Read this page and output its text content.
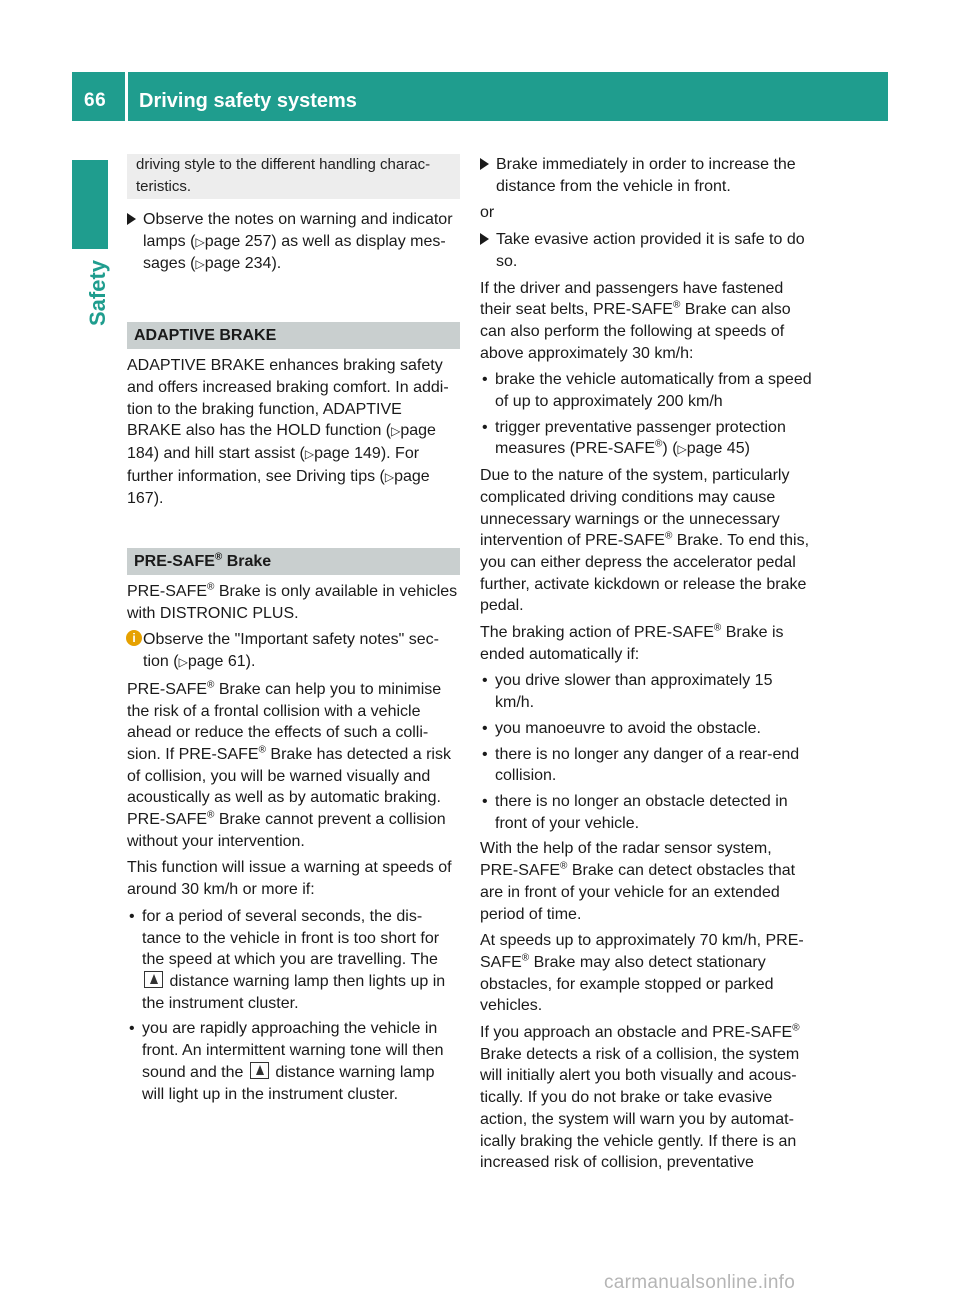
66 Driving safety systems
Safety
driving style to the different handling charac-teristics.
Observe the notes on warning and indicator lamps (▷page 257) as well as display mes-sages (▷page 234).
ADAPTIVE BRAKE

ADAPTIVE BRAKE enhances braking safety and offers increased braking comfort. In addi-tion to the braking function, ADAPTIVE BRAKE also has the HOLD function (▷page 184) and hill start assist (▷page 149). For further information, see Driving tips (▷page 167).

PRE-SAFE® Brake

PRE-SAFE® Brake is only available in vehicles with DISTRONIC PLUS.

i Observe the "Important safety notes" sec-tion (▷page 61).

PRE-SAFE® Brake can help you to minimise the risk of a frontal collision with a vehicle ahead or reduce the effects of such a colli-sion. If PRE-SAFE® Brake has detected a risk of collision, you will be warned visually and acoustically as well as by automatic braking. PRE-SAFE® Brake cannot prevent a collision without your intervention.

This function will issue a warning at speeds of around 30 km/h or more if:

• for a period of several seconds, the dis-tance to the vehicle in front is too short for the speed at which you are travelling. The  distance warning lamp then lights up in the instrument cluster.
• you are rapidly approaching the vehicle in front. An intermittent warning tone will then sound and the distance warning lamp will light up in the instrument cluster.
Brake immediately in order to increase the distance from the vehicle in front.

or

Take evasive action provided it is safe to do so.

If the driver and passengers have fastened their seat belts, PRE-SAFE® Brake can also can also perform the following at speeds of above approximately 30 km/h:

• brake the vehicle automatically from a speed of up to approximately 200 km/h
• trigger preventative passenger protection measures (PRE-SAFE®) (▷page 45)

Due to the nature of the system, particularly complicated driving conditions may cause unnecessary warnings or the unnecessary intervention of PRE-SAFE® Brake. To end this, you can either depress the accelerator pedal further, activate kickdown or release the brake pedal.

The braking action of PRE-SAFE® Brake is ended automatically if:

• you drive slower than approximately 15 km/h.
• you manoeuvre to avoid the obstacle.
• there is no longer any danger of a rear-end collision.
• there is no longer an obstacle detected in front of your vehicle.

With the help of the radar sensor system, PRE-SAFE® Brake can detect obstacles that are in front of your vehicle for an extended period of time.

At speeds up to approximately 70 km/h, PRE-SAFE® Brake may also detect stationary obstacles, for example stopped or parked vehicles.

If you approach an obstacle and PRE-SAFE® Brake detects a risk of a collision, the system will initially alert you both visually and acous-tically. If you do not brake or take evasive action, the system will warn you by automat-ically braking the vehicle gently. If there is an increased risk of collision, preventative

carmanualsonline.info
